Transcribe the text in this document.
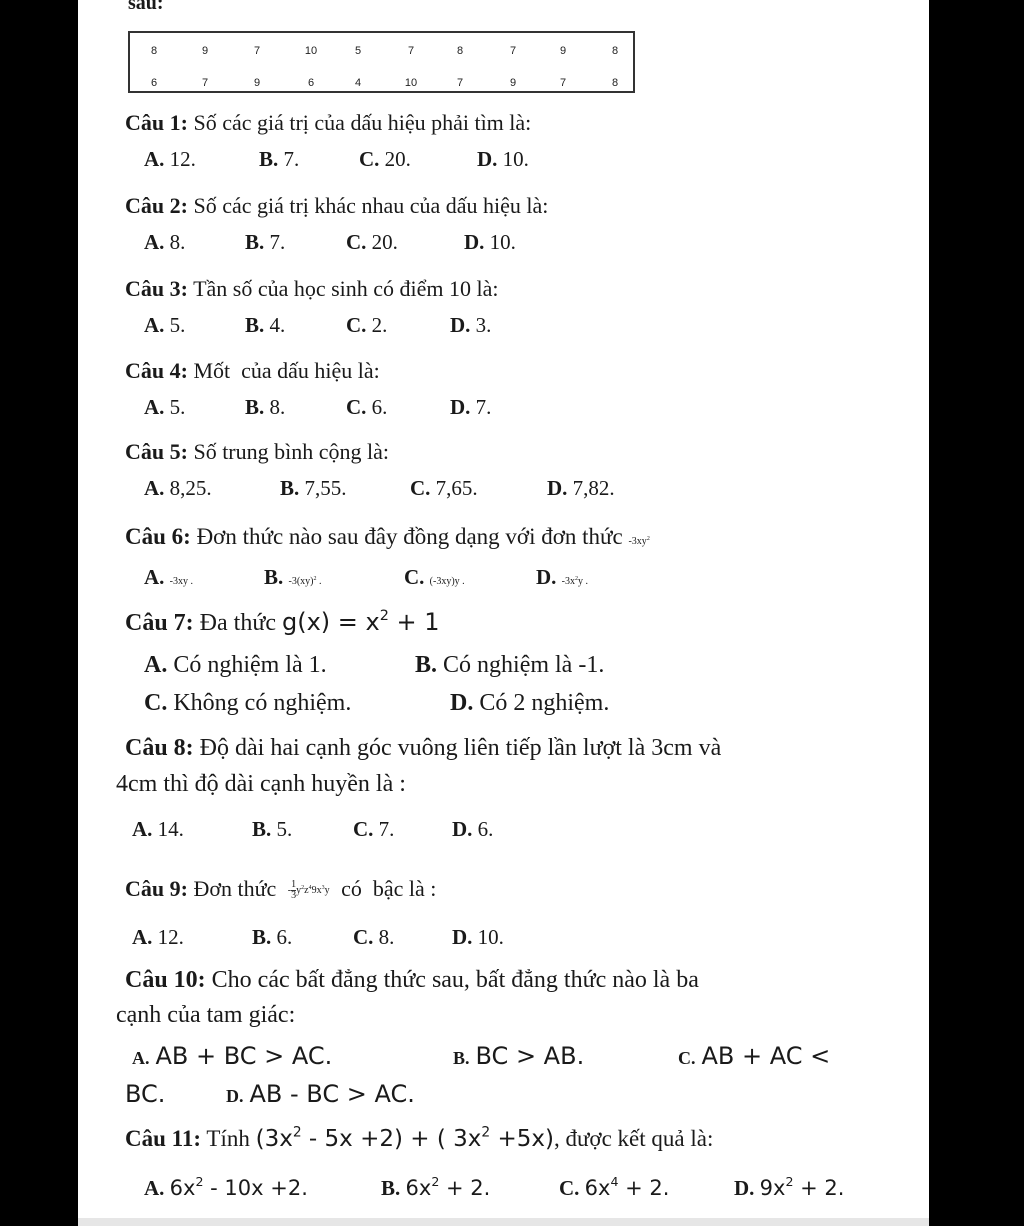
sau:
8	9	7	10	5	7	8	7	9	8
6	7	9	6	4	10	7	9	7	8
Câu 1: Số các giá trị của dấu hiệu phải tìm là:
A. 12.	B. 7.	C. 20.	D. 10.
Câu 2: Số các giá trị khác nhau của dấu hiệu là:
A. 8.	B. 7.	C. 20.	D. 10.
Câu 3: Tần số của học sinh có điểm 10 là:
A. 5.	B. 4.	C. 2.	D. 3.
Câu 4: Mốt  của dấu hiệu là:
A. 5.	B. 8.	C. 6.	D. 7.
Câu 5: Số trung bình cộng là:
A. 8,25.	B. 7,55.	C. 7,65.	D. 7,82.
Câu 6: Đơn thức nào sau đây đồng dạng với đơn thức $-3xy^2$
A. -3xy .	B. -3(xy)$^2$ .	C. (-3xy)y .	D. $-3x^2y$ .
Câu 7: Đa thức $g(x) = x^2 + 1$
A. Có nghiệm là 1.	B. Có nghiệm là -1.
C. Không có nghiệm.	D. Có 2 nghiệm.
Câu 8: Độ dài hai cạnh góc vuông liên tiếp lần lượt là 3cm và
4cm thì độ dài cạnh huyền là :
A. 14.	B. 5.	C. 7.	D. 6.
Câu 9: Đơn thức - $\frac{1}{3} y^2z^49x^3y$ có  bậc là :
A. 12.	B. 6.	C. 8.	D. 10.
Câu 10: Cho các bất đẳng thức sau, bất đẳng thức nào là ba
cạnh của tam giác:
A. AB + BC > AC.	B. BC > AB.	C. AB + AC <
BC.	D. AB - BC > AC.
Câu 11: Tính $(3x^2 - 5x +2)$ + ( $3x^2 +5x$), được kết quả là:
A. $6x^2 - 10x +2$.	B. $6x^2 + 2$.	C. $6x^4 + 2$.	D. $9x^2 + 2$.
